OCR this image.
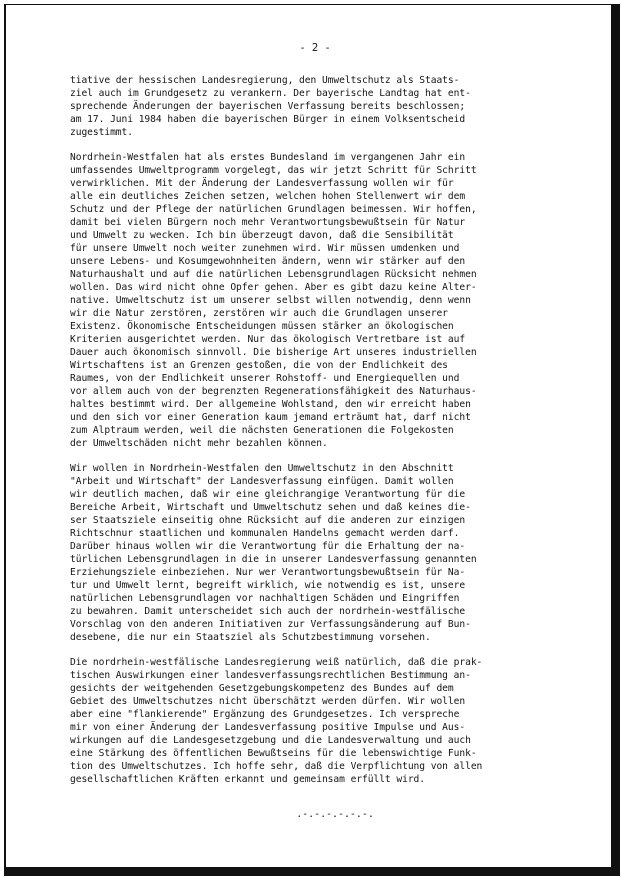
- 2 -
tiative der hessischen Landesregierung, den Umweltschutz als Staats-
ziel auch im Grundgesetz zu verankern. Der bayerische Landtag hat ent-
sprechende Änderungen der bayerischen Verfassung bereits beschlossen;
am 17. Juni 1984 haben die bayerischen Bürger in einem Volksentscheid
zugestimmt.
Nordrhein-Westfalen hat als erstes Bundesland im vergangenen Jahr ein
umfassendes Umweltprogramm vorgelegt, das wir jetzt Schritt für Schritt
verwirklichen. Mit der Änderung der Landesverfassung wollen wir für
alle ein deutliches Zeichen setzen, welchen hohen Stellenwert wir dem
Schutz und der Pflege der natürlichen Grundlagen beimessen. Wir hoffen,
damit bei vielen Bürgern noch mehr Verantwortungsbewußtsein für Natur
und Umwelt zu wecken. Ich bin überzeugt davon, daß die Sensibilität
für unsere Umwelt noch weiter zunehmen wird. Wir müssen umdenken und
unsere Lebens- und Kosumgewohnheiten ändern, wenn wir stärker auf den
Naturhaushalt und auf die natürlichen Lebensgrundlagen Rücksicht nehmen
wollen. Das wird nicht ohne Opfer gehen. Aber es gibt dazu keine Alter-
native. Umweltschutz ist um unserer selbst willen notwendig, denn wenn
wir die Natur zerstören, zerstören wir auch die Grundlagen unserer
Existenz. Ökonomische Entscheidungen müssen stärker an ökologischen
Kriterien ausgerichtet werden. Nur das ökologisch Vertretbare ist auf
Dauer auch ökonomisch sinnvoll. Die bisherige Art unseres industriellen
Wirtschaftens ist an Grenzen gestoßen, die von der Endlichkeit des
Raumes, von der Endlichkeit unserer Rohstoff- und Energiequellen und
vor allem auch von der begrenzten Regenerationsfähigkeit des Naturhaus-
haltes bestimmt wird. Der allgemeine Wohlstand, den wir erreicht haben
und den sich vor einer Generation kaum jemand erträumt hat, darf nicht
zum Alptraum werden, weil die nächsten Generationen die Folgekosten
der Umweltschäden nicht mehr bezahlen können.
Wir wollen in Nordrhein-Westfalen den Umweltschutz in den Abschnitt
"Arbeit und Wirtschaft" der Landesverfassung einfügen. Damit wollen
wir deutlich machen, daß wir eine gleichrangige Verantwortung für die
Bereiche Arbeit, Wirtschaft und Umweltschutz sehen und daß keines die-
ser Staatsziele einseitig ohne Rücksicht auf die anderen zur einzigen
Richtschnur staatlichen und kommunalen Handelns gemacht werden darf.
Darüber hinaus wollen wir die Verantwortung für die Erhaltung der na-
türlichen Lebensgrundlagen in die in unserer Landesverfassung genannten
Erziehungsziele einbeziehen. Nur wer Verantwortungsbewußtsein für Na-
tur und Umwelt lernt, begreift wirklich, wie notwendig es ist, unsere
natürlichen Lebensgrundlagen vor nachhaltigen Schäden und Eingriffen
zu bewahren. Damit unterscheidet sich auch der nordrhein-westfälische
Vorschlag von den anderen Initiativen zur Verfassungsänderung auf Bun-
desebene, die nur ein Staatsziel als Schutzbestimmung vorsehen.
Die nordrhein-westfälische Landesregierung weiß natürlich, daß die prak-
tischen Auswirkungen einer landesverfassungsrechtlichen Bestimmung an-
gesichts der weitgehenden Gesetzgebungskompetenz des Bundes auf dem
Gebiet des Umweltschutzes nicht überschätzt werden dürfen. Wir wollen
aber eine "flankierende" Ergänzung des Grundgesetzes. Ich verspreche
mir von einer Änderung der Landesverfassung positive Impulse und Aus-
wirkungen auf die Landesgesetzgebung und die Landesverwaltung und auch
eine Stärkung des öffentlichen Bewußtseins für die lebenswichtige Funk-
tion des Umweltschutzes. Ich hoffe sehr, daß die Verpflichtung von allen
gesellschaftlichen Kräften erkannt und gemeinsam erfüllt wird.
.-.-.-.-.-.-.
